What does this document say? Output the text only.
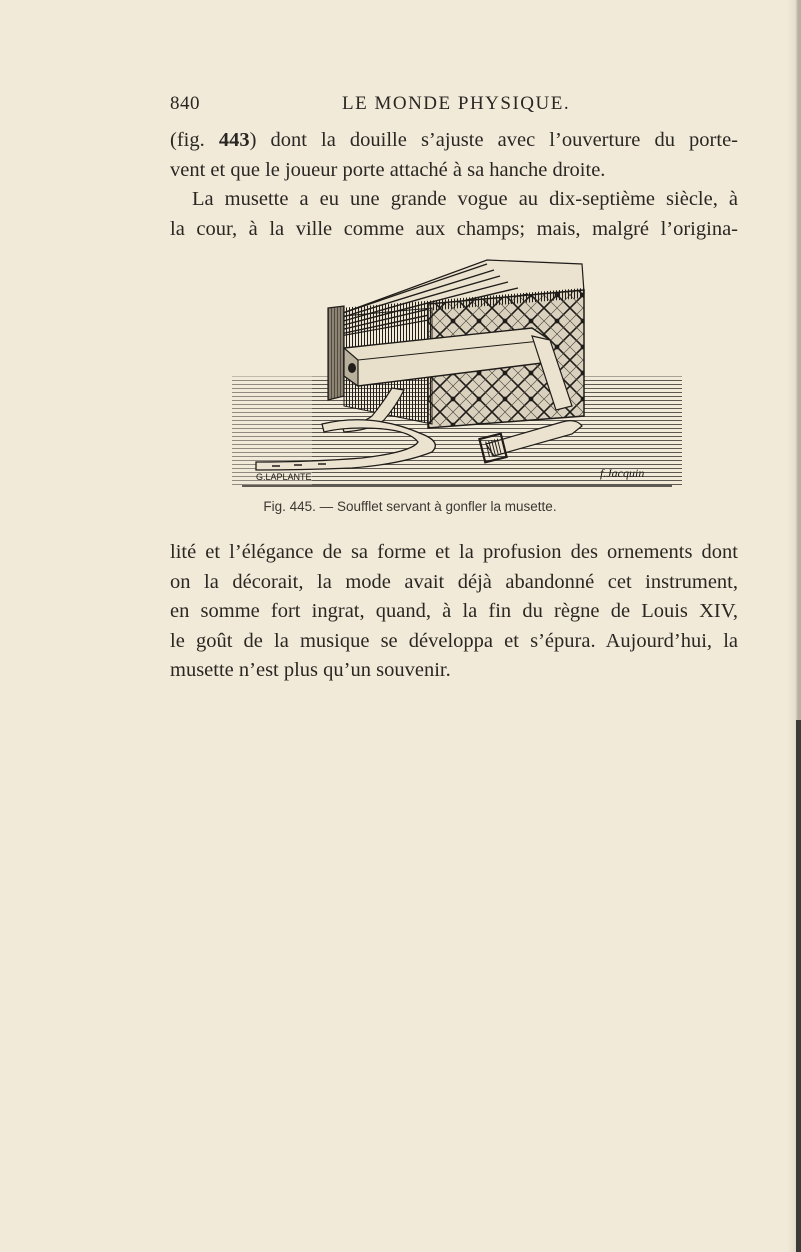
840	LE MONDE PHYSIQUE.
(fig. 443) dont la douille s’ajuste avec l’ouverture du porte-
vent et que le joueur porte attaché à sa hanche droite.
La musette a eu une grande vogue au dix-septième siècle, à
la cour, à la ville comme aux champs; mais, malgré l’origina-
G.LAPLANTE	f.Jacquin
Fig. 445. — Soufflet servant à gonfler la musette.
lité et l’élégance de sa forme et la profusion des ornements dont
on la décorait, la mode avait déjà abandonné cet instrument,
en somme fort ingrat, quand, à la fin du règne de Louis XIV,
le goût de la musique se développa et s’épura. Aujourd’hui, la
musette n’est plus qu’un souvenir.
